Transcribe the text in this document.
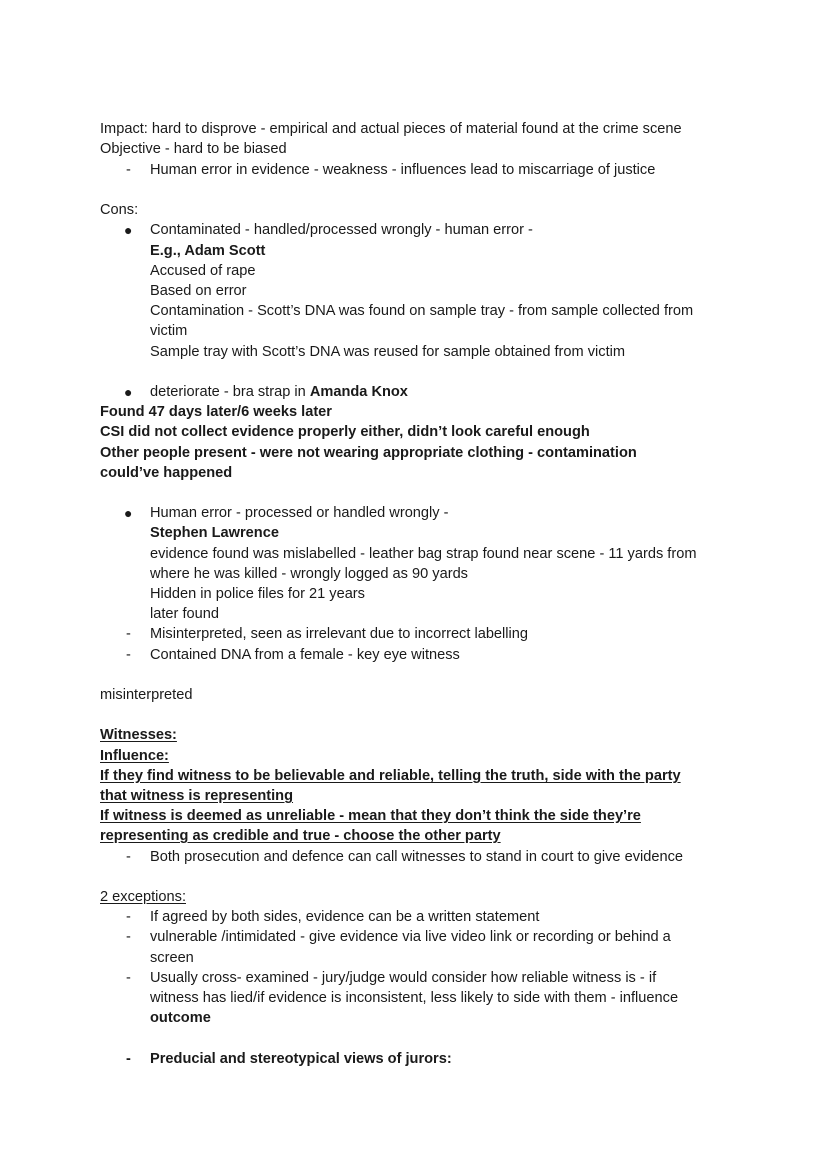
Impact: hard to disprove - empirical and actual pieces of material found at the crime scene
Objective - hard to be biased
- Human error in evidence - weakness - influences lead to miscarriage of justice
Cons:
● Contaminated - handled/processed wrongly - human error -
E.g., Adam Scott
Accused of rape
Based on error
Contamination - Scott’s DNA was found on sample tray - from sample collected from
victim
Sample tray with Scott’s DNA was reused for sample obtained from victim
● deteriorate - bra strap in Amanda Knox
Found 47 days later/6 weeks later
CSI did not collect evidence properly either, didn’t look careful enough
Other people present - were not wearing appropriate clothing - contamination
could’ve happened
● Human error - processed or handled wrongly -
Stephen Lawrence
evidence found was mislabelled - leather bag strap found near scene - 11 yards from
where he was killed - wrongly logged as 90 yards
Hidden in police files for 21 years
later found
- Misinterpreted, seen as irrelevant due to incorrect labelling
- Contained DNA from a female - key eye witness
misinterpreted
Witnesses:
Influence:
If they find witness to be believable and reliable, telling the truth, side with the party
that witness is representing
If witness is deemed as unreliable - mean that they don’t think the side they’re
representing as credible and true - choose the other party
- Both prosecution and defence can call witnesses to stand in court to give evidence
2 exceptions:
- If agreed by both sides, evidence can be a written statement
- vulnerable /intimidated - give evidence via live video link or recording or behind a
screen
- Usually cross- examined - jury/judge would consider how reliable witness is - if
witness has lied/if evidence is inconsistent, less likely to side with them - influence
outcome
- Preducial and stereotypical views of jurors:
